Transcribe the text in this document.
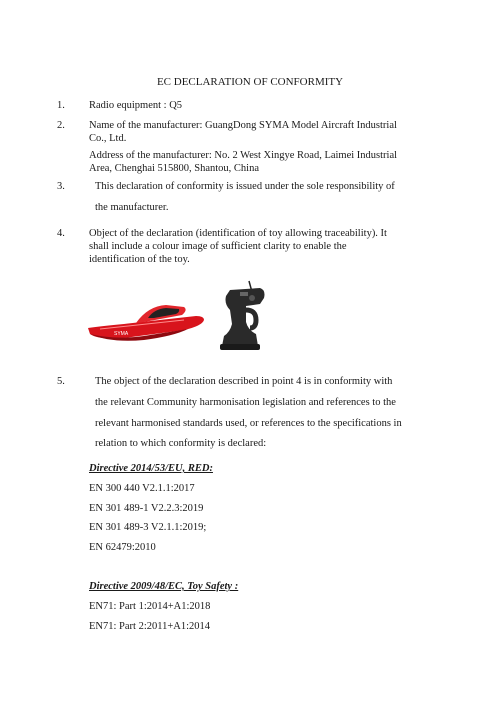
EC DECLARATION OF CONFORMITY
1. Radio equipment : Q5
2. Name of the manufacturer: GuangDong SYMA Model Aircraft Industrial
Co., Ltd.
Address of the manufacturer: No. 2 West Xingye Road, Laimei Industrial
Area, Chenghai 515800, Shantou, China
3.	This declaration of conformity is issued under the sole responsibility of
the manufacturer.
4. Object of the declaration (identification of toy allowing traceability). It
shall include a colour image of sufficient clarity to enable the
identification of the toy.
SYMA
5.	The object of the declaration described in point 4 is in conformity with
the relevant Community harmonisation legislation and references to the
relevant harmonised standards used, or references to the specifications in
relation to which conformity is declared:
Directive 2014/53/EU, RED:
EN 300 440 V2.1.1:2017
EN 301 489-1 V2.2.3:2019
EN 301 489-3 V2.1.1:2019;
EN 62479:2010
Directive 2009/48/EC, Toy Safety :
EN71: Part 1:2014+A1:2018
EN71: Part 2:2011+A1:2014
